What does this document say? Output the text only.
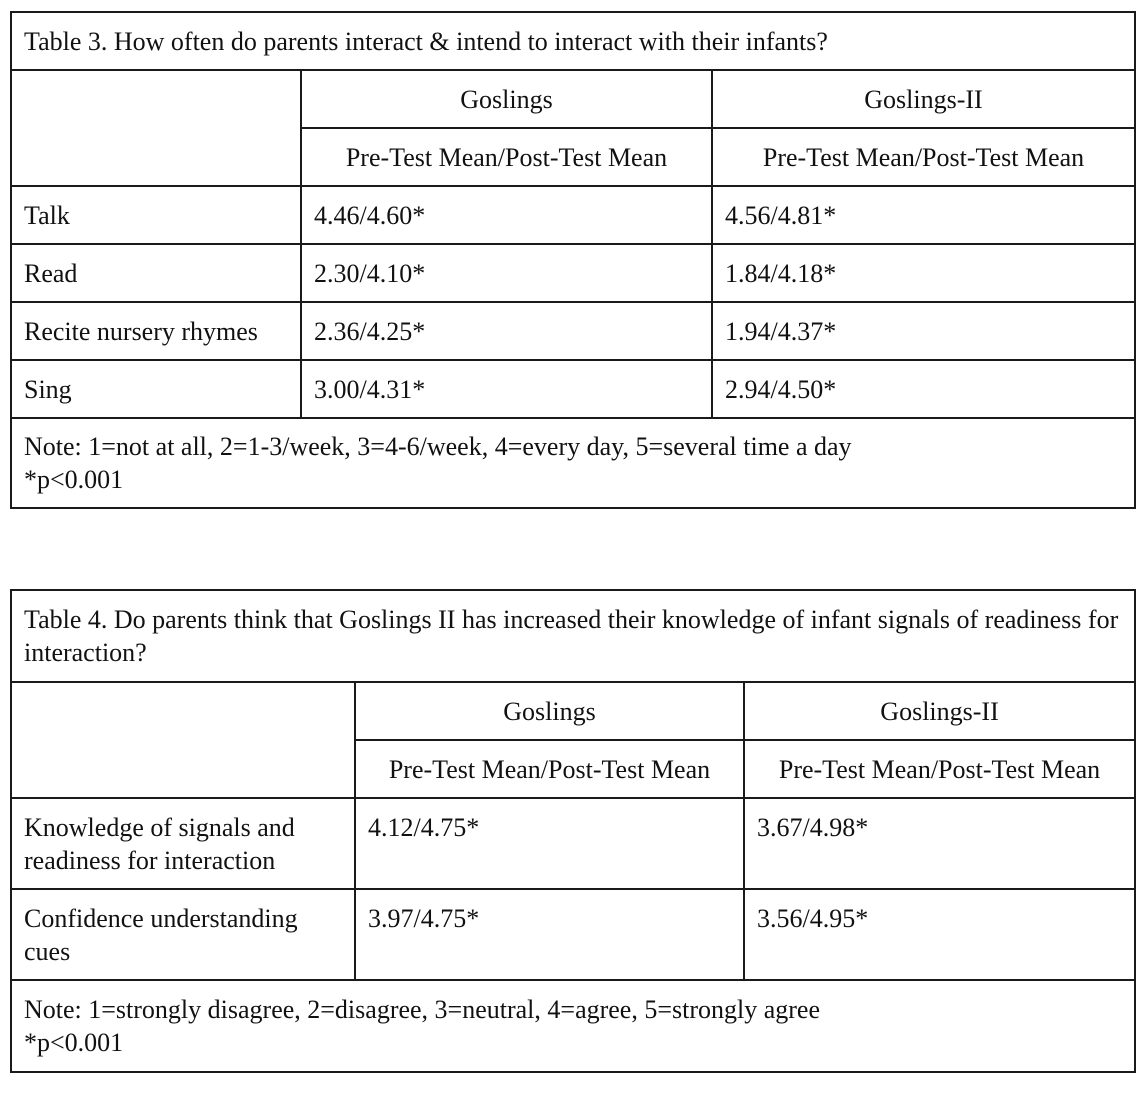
Table 3. How often do parents interact & intend to interact with their infants?		
	Goslings	Goslings-II
	Pre-Test Mean/Post-Test Mean	Pre-Test Mean/Post-Test Mean
Talk	4.46/4.60*	4.56/4.81*
Read	2.30/4.10*	1.84/4.18*
Recite nursery rhymes	2.36/4.25*	1.94/4.37*
Sing	3.00/4.31*	2.94/4.50*

Note: 1=not at all, 2=1-3/week, 3=4-6/week, 4=every day, 5=several time a day
*p<0.001		
Table 4. Do parents think that Goslings II has increased their knowledge of infant signals of readiness for interaction?		
	Goslings	Goslings-II
	Pre-Test Mean/Post-Test Mean	Pre-Test Mean/Post-Test Mean
Knowledge of signals and readiness for interaction	4.12/4.75*	3.67/4.98*
Confidence understanding cues	3.97/4.75*	3.56/4.95*

Note: 1=strongly disagree, 2=disagree, 3=neutral, 4=agree, 5=strongly agree
*p<0.001		
